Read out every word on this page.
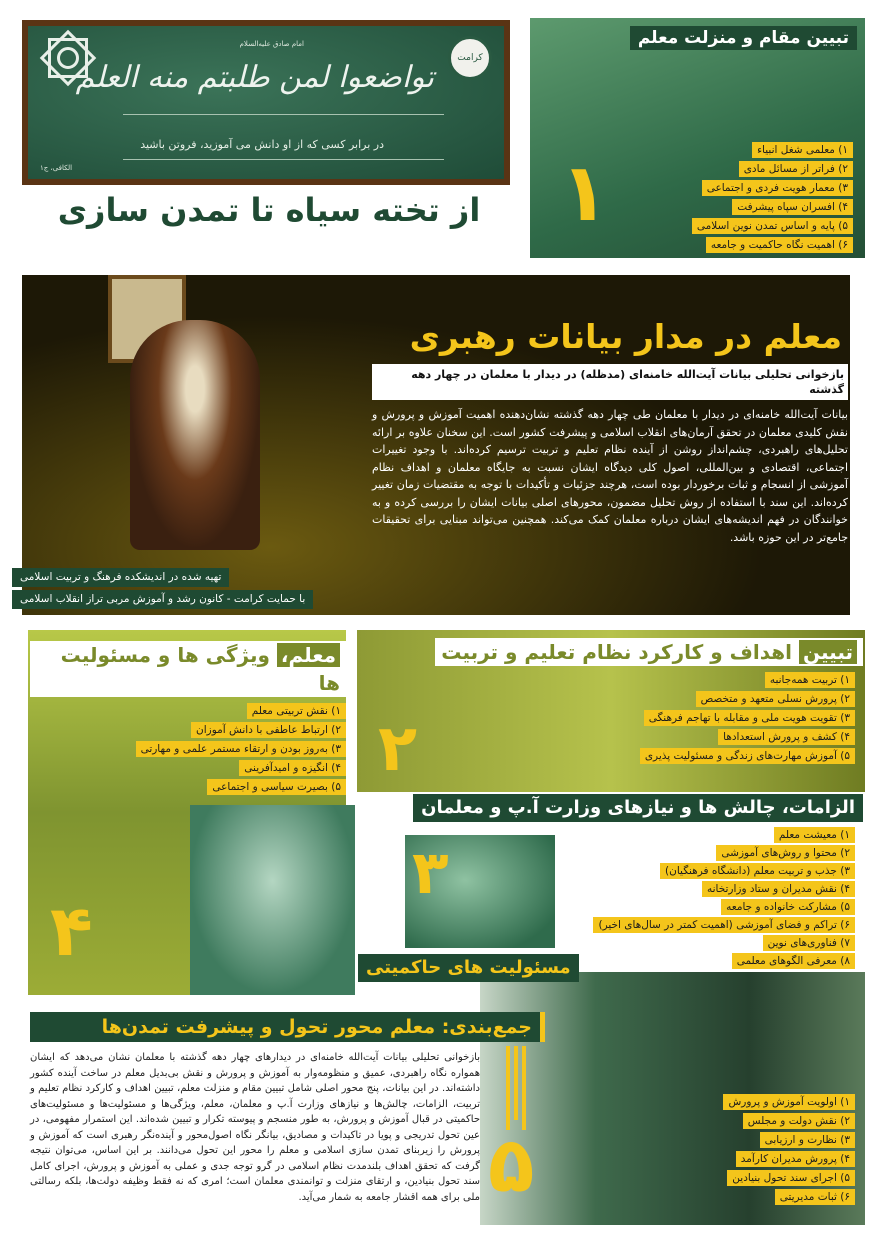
امام صادق علیه‌السلام
تواضعوا لمن طلبتم منه العلم
در برابر کسی که از او دانش می آموزید، فروتن باشید
الکافی، ج۱
کرامت
تبیین مقام و منزلت معلم
۱	۱) معلمی شغل انبیاء
۲) فراتر از مسائل مادی
۳) معمار هویت فردی و اجتماعی
۴) افسران سپاه پیشرفت
۵) پایه و اساس تمدن نوین اسلامی
۶) اهمیت نگاه حاکمیت و جامعه
از تخته سیاه تا تمدن سازی
معلم در مدار بیانات رهبری
بازخوانی تحلیلی بیانات آیت‌الله خامنه‌ای (مدظله) در دیدار با معلمان در چهار دهه گذشته
بیانات آیت‌الله خامنه‌ای در دیدار با معلمان طی چهار دهه گذشته نشان‌دهنده اهمیت آموزش و پرورش و نقش کلیدی معلمان در تحقق آرمان‌های انقلاب اسلامی و پیشرفت کشور است. این سخنان علاوه بر ارائه تحلیل‌های راهبردی، چشم‌انداز روشن از آینده نظام تعلیم و تربیت ترسیم کرده‌اند. با وجود تغییرات اجتماعی، اقتصادی و بین‌المللی، اصول کلی دیدگاه ایشان نسبت به جایگاه معلمان و اهداف نظام آموزشی از انسجام و ثبات برخوردار بوده است، هرچند جزئیات و تأکیدات با توجه به مقتضیات زمان تغییر کرده‌اند. این سند با استفاده از روش تحلیل مضمون، محورهای اصلی بیانات ایشان را بررسی کرده و به خوانندگان در فهم اندیشه‌های ایشان درباره معلمان کمک می‌کند. همچنین می‌تواند مبنایی برای تحقیقات جامع‌تر در این حوزه باشد.
تهیه شده در اندیشکده فرهنگ و تربیت اسلامی
با حمایت کرامت - کانون رشد و آموزش مربی تراز انقلاب اسلامی
۴
معلم، ویژگی ها و مسئولیت ها
۱) نقش تربیتی معلم
۲) ارتباط عاطفی با دانش آموزان
۳) به‌روز بودن و ارتقاء مستمر علمی و مهارتی
۴) انگیزه و امیدآفرینی
۵) بصیرت سیاسی و اجتماعی
۲
تبیین اهداف و کارکرد نظام تعلیم و تربیت
۱) تربیت همه‌جانبه
۲) پرورش نسلی متعهد و متخصص
۳) تقویت هویت ملی و مقابله با تهاجم فرهنگی
۴) کشف و پرورش استعدادها
۵) آموزش مهارت‌های زندگی و مسئولیت پذیری
۳
الزامات، چالش ها و نیازهای وزارت آ.پ و معلمان
۱) معیشت معلم
۲) محتوا و روش‌های آموزشی
۳) جذب و تربیت معلم (دانشگاه فرهنگیان)
۴) نقش مدیران و ستاد وزارتخانه
۵) مشارکت خانواده و جامعه
۶) تراکم و فضای آموزشی (اهمیت کمتر در سال‌های اخیر)
۷) فناوری‌های نوین
۸) معرفی الگوهای معلمی
مسئولیت های حاکمیتی
۱) اولویت آموزش و پرورش
۲) نقش دولت و مجلس
۳) نظارت و ارزیابی
۴) پرورش مدیران کارآمد
۵) اجرای سند تحول بنیادین
۶) ثبات مدیریتی
۵
جمع‌بندی: معلم محور تحول و پیشرفت تمدن‌ها
بازخوانی تحلیلی بیانات آیت‌الله خامنه‌ای در دیدارهای چهار دهه گذشته با معلمان نشان می‌دهد که ایشان همواره نگاه راهبردی، عمیق و منظومه‌وار به آموزش و پرورش و نقش بی‌بدیل معلم در ساخت آینده کشور داشته‌اند. در این بیانات، پنج محور اصلی شامل تبیین مقام و منزلت معلم، تبیین اهداف و کارکرد نظام تعلیم و تربیت، الزامات، چالش‌ها و نیازهای وزارت آ.پ و معلمان، معلم، ویژگی‌ها و مسئولیت‌ها و مسئولیت‌های حاکمیتی در قبال آموزش و پرورش، به طور منسجم و پیوسته تکرار و تبیین شده‌اند. این استمرار مفهومی، در عین تحول تدریجی و پویا در تاکیدات و مصادیق، بیانگر نگاه اصول‌محور و آینده‌نگر رهبری است که آموزش و پرورش را زیربنای تمدن سازی اسلامی و معلم را محور این تحول می‌دانند. بر این اساس، می‌توان نتیجه گرفت که تحقق اهداف بلندمدت نظام اسلامی در گرو توجه جدی و عملی به آموزش و پرورش، اجرای کامل سند تحول بنیادین، و ارتقای منزلت و توانمندی معلمان است؛ امری که نه فقط وظیفه دولت‌ها، بلکه رسالتی ملی برای همه اقشار جامعه به شمار می‌آید.
